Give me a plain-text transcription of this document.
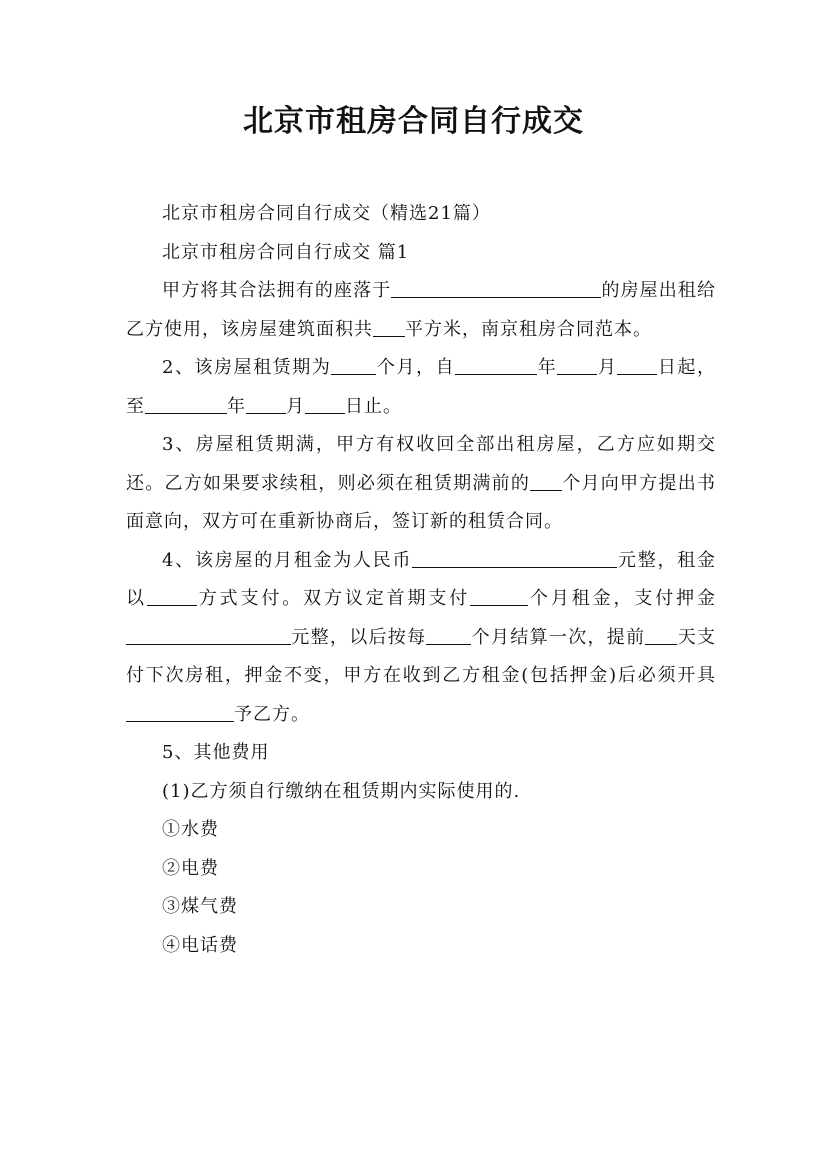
北京市租房合同自行成交

北京市租房合同自行成交（精选21篇）

北京市租房合同自行成交 篇1

甲方将其合法拥有的座落于	的房屋出租给乙方使用，该房屋建筑面积共 平方米，南京租房合同范本。

2、该房屋租赁期为	个月，自	年 月 日起，至	年 月 日止。

3、房屋租赁期满，甲方有权收回全部出租房屋，乙方应如期交还。乙方如果要求续租，则必须在租赁期满前的 个月向甲方提出书面意向，双方可在重新协商后，签订新的租赁合同。

4、该房屋的月租金为人民币	元整，租金以	方式支付。双方议定首期支付	个月租金，支付押金元整，以后按每	个月结算一次，提前 天支付下次房租，押金不变，甲方在收到乙方租金(包括押金)后必须开具予乙方。

5、其他费用

(1)乙方须自行缴纳在租赁期内实际使用的.

①水费

②电费

③煤气费

④电话费
